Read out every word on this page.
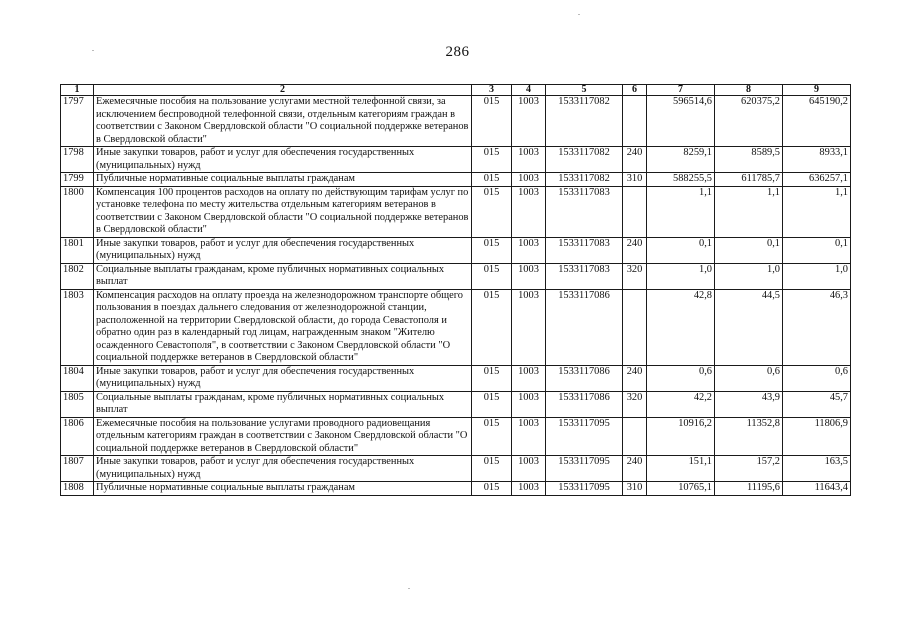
286
1	2	3	4	5	6	7	8	9
1797	Ежемесячные пособия на пользование услугами местной телефонной связи, за исключением беспроводной телефонной связи, отдельным категориям граждан в соответствии с Законом Свердловской области "О социальной поддержке ветеранов в Свердловской области"	015	1003	1533117082		596514,6	620375,2	645190,2
1798	Иные закупки товаров, работ и услуг для обеспечения государственных (муниципальных) нужд	015	1003	1533117082	240	8259,1	8589,5	8933,1
1799	Публичные нормативные социальные выплаты гражданам	015	1003	1533117082	310	588255,5	611785,7	636257,1
1800	Компенсация 100 процентов расходов на оплату по действующим тарифам услуг по установке телефона по месту жительства отдельным категориям ветеранов в соответствии с Законом Свердловской области "О социальной поддержке ветеранов в Свердловской области"	015	1003	1533117083		1,1	1,1	1,1
1801	Иные закупки товаров, работ и услуг для обеспечения государственных (муниципальных) нужд	015	1003	1533117083	240	0,1	0,1	0,1
1802	Социальные выплаты гражданам, кроме публичных нормативных социальных выплат	015	1003	1533117083	320	1,0	1,0	1,0
1803	Компенсация расходов на оплату проезда на железнодорожном транспорте общего пользования в поездах дальнего следования от железнодорожной станции, расположенной на территории Свердловской области, до города Севастополя и обратно один раз в календарный год лицам, награжденным знаком "Жителю осажденного Севастополя", в соответствии с Законом Свердловской области "О социальной поддержке ветеранов в Свердловской области"	015	1003	1533117086		42,8	44,5	46,3
1804	Иные закупки товаров, работ и услуг для обеспечения государственных (муниципальных) нужд	015	1003	1533117086	240	0,6	0,6	0,6
1805	Социальные выплаты гражданам, кроме публичных нормативных социальных выплат	015	1003	1533117086	320	42,2	43,9	45,7
1806	Ежемесячные пособия на пользование услугами проводного радиовещания отдельным категориям граждан в соответствии с Законом Свердловской области "О социальной поддержке ветеранов в Свердловской области"	015	1003	1533117095		10916,2	11352,8	11806,9
1807	Иные закупки товаров, работ и услуг для обеспечения государственных (муниципальных) нужд	015	1003	1533117095	240	151,1	157,2	163,5
1808	Публичные нормативные социальные выплаты гражданам	015	1003	1533117095	310	10765,1	11195,6	11643,4
